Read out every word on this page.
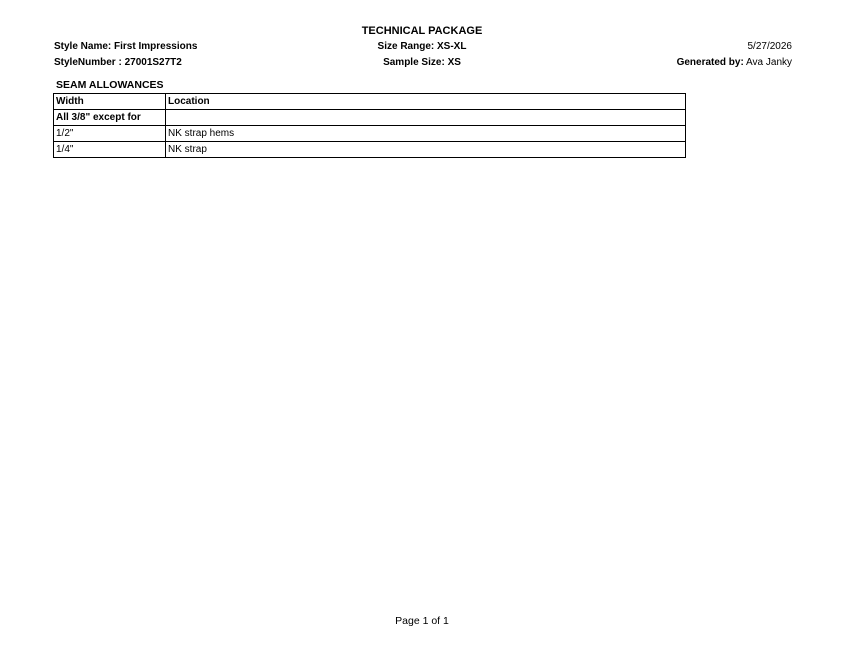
TECHNICAL PACKAGE
Style Name: First Impressions
StyleNumber : 27001S27T2
Size Range: XS-XL
Sample Size: XS
5/27/2026
Generated by: Ava Janky
SEAM ALLOWANCES
Width	Location
All 3/8" except for	
1/2"	NK strap hems
1/4"	NK strap
Page 1 of 1
